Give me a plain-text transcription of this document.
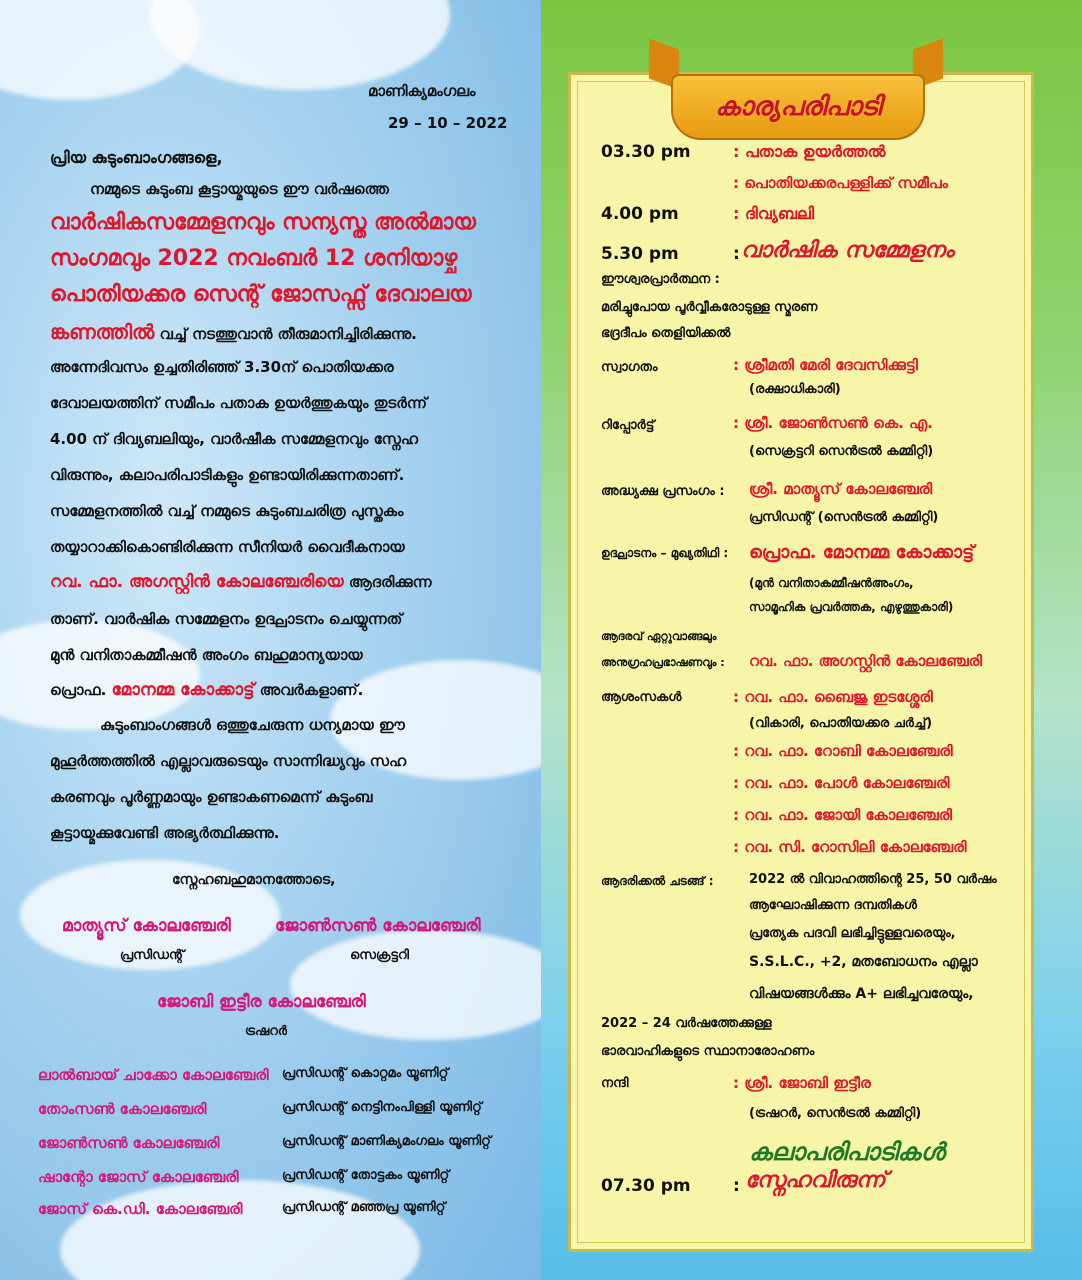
മാണിക്യമംഗലം
29 – 10 – 2022
പ്രിയ കുടുംബാംഗങ്ങളെ,
നമ്മുടെ കുടുംബ കൂട്ടായ്മയുടെ ഈ വർഷത്തെ
വാർഷികസമ്മേളനവും സന്യസ്ത അൽമായ
സംഗമവും 2022 നവംബർ 12 ശനിയാഴ്ച
പൊതിയക്കര സെന്റ് ജോസഫ്സ് ദേവാലയ
ങ്കണത്തിൽ വച്ച് നടത്തുവാൻ തീരുമാനിച്ചിരിക്കുന്നു.
അന്നേദിവസം ഉച്ചതിരിഞ്ഞ് 3.30ന് പൊതിയക്കര
ദേവാലയത്തിന് സമീപം പതാക ഉയർത്തുകയും തുടർന്ന്
4.00 ന് ദിവ്യബലിയും, വാർഷീക സമ്മേളനവും സ്നേഹ
വിരുന്നും, കലാപരിപാടികളും ഉണ്ടായിരിക്കുന്നതാണ്.
സമ്മേളനത്തിൽ വച്ച് നമ്മുടെ കുടുംബചരിത്ര പുസ്തകം
തയ്യാറാക്കികൊണ്ടിരിക്കുന്ന സീനിയർ വൈദീകനായ
റവ. ഫാ. അഗസ്റ്റിൻ കോലഞ്ചേരിയെ ആദരിക്കുന്ന
താണ്. വാർഷിക സമ്മേളനം ഉദ്ഘാടനം ചെയ്യുന്നത്
മുൻ വനിതാകമ്മീഷൻ അംഗം ബഹുമാന്യയായ
പ്രൊഫ. മോനമ്മ കോക്കാട്ട് അവർകളാണ്.
കുടുംബാംഗങ്ങൾ ഒത്തുചേരുന്ന ധന്യമായ ഈ
മുഹൂർത്തത്തിൽ എല്ലാവരുടെയും സാന്നിദ്ധ്യവും സഹ
കരണവും പൂർണ്ണമായും ഉണ്ടാകണമെന്ന് കുടുംബ
കൂട്ടായ്മക്കുവേണ്ടി അഭ്യർത്ഥിക്കുന്നു.
സ്നേഹബഹുമാനത്തോടെ,
മാത്യൂസ് കോലഞ്ചേരി
പ്രസിഡന്റ്
ജോൺസൺ കോലഞ്ചേരി
സെക്രട്ടറി
ജോബി ഇട്ടീര കോലഞ്ചേരി
ട്രഷറർ
ലാൽബായ് ചാക്കോ കോലഞ്ചേരി പ്രസിഡന്റ് കൊറ്റമം യൂണിറ്റ്
തോംസൺ കോലഞ്ചേരി	പ്രസിഡന്റ് നെട്ടിനംപിള്ളി യൂണിറ്റ്
ജോൺസൺ കോലഞ്ചേരി	പ്രസിഡന്റ് മാണിക്യമംഗലം യൂണിറ്റ്
ഷാന്റോ ജോസ് കോലഞ്ചേരി	പ്രസിഡന്റ് തോട്ടകം യൂണിറ്റ്
ജോസ് കെ.ഡി. കോലഞ്ചേരി	പ്രസിഡന്റ് മഞ്ഞപ്ര യൂണിറ്റ്
കാര്യപരിപാടി
03.30 pm	: പതാക ഉയർത്തൽ
: പൊതിയക്കരപള്ളിക്ക് സമീപം
4.00 pm	: ദിവ്യബലി
5.30 pm	: വാർഷിക സമ്മേളനം
ഈശ്വരപ്രാർത്ഥന :
മരിച്ചുപോയ പൂർവ്വീകരോടുള്ള സ്മരണ
ഭദ്രദീപം തെളിയിക്കൽ
സ്വാഗതം	: ശ്രീമതി മേരി ദേവസിക്കുട്ടി
(രക്ഷാധികാരി)
റിപ്പോർട്ട്	: ശ്രീ. ജോൺസൺ കെ. എ.
(സെക്രട്ടറി സെൻട്രൽ കമ്മിറ്റി)
അദ്ധ്യക്ഷ പ്രസംഗം : ശ്രീ. മാത്യൂസ് കോലഞ്ചേരി
പ്രസിഡന്റ് (സെൻട്രൽ കമ്മിറ്റി)
ഉദ്ഘാടനം – മുഖ്യതിഥി : പ്രൊഫ. മോനമ്മ കോക്കാട്ട്
(മുൻ വനിതാകമ്മീഷൻഅംഗം,
സാമൂഹിക പ്രവർത്തക, എഴുത്തുകാരി)
ആദരവ് ഏറ്റുവാങ്ങലും
അനുഗ്രഹപ്രഭാഷണവും : റവ. ഫാ. അഗസ്റ്റിൻ കോലഞ്ചേരി
ആശംസകൾ	: റവ. ഫാ. ബൈജു ഇടശ്ശേരി
(വികാരി, പൊതിയക്കര ചർച്ച്)
: റവ. ഫാ. റോബി കോലഞ്ചേരി
: റവ. ഫാ. പോൾ കോലഞ്ചേരി
: റവ. ഫാ. ജോയി കോലഞ്ചേരി
: റവ. സി. റോസിലി കോലഞ്ചേരി
ആദരിക്കൽ ചടങ്ങ് :	2022 ൽ വിവാഹത്തിന്റെ 25, 50 വർഷം
ആഘോഷിക്കുന്ന ദമ്പതികൾ
പ്രത്യേക പദവി ലഭിച്ചിട്ടുള്ളവരെയും,
S.S.L.C., +2, മതബോധനം എല്ലാ
വിഷയങ്ങൾക്കും A+ ലഭിച്ചവരേയും,
2022 – 24 വർഷത്തേക്കുള്ള
ഭാരവാഹികളുടെ സ്ഥാനാരോഹണം
നന്ദി	: ശ്രീ. ജോബി ഇട്ടീര
(ട്രഷറർ, സെൻട്രൽ കമ്മിറ്റി)
കലാപരിപാടികൾ
07.30 pm : സ്നേഹവിരുന്ന്
